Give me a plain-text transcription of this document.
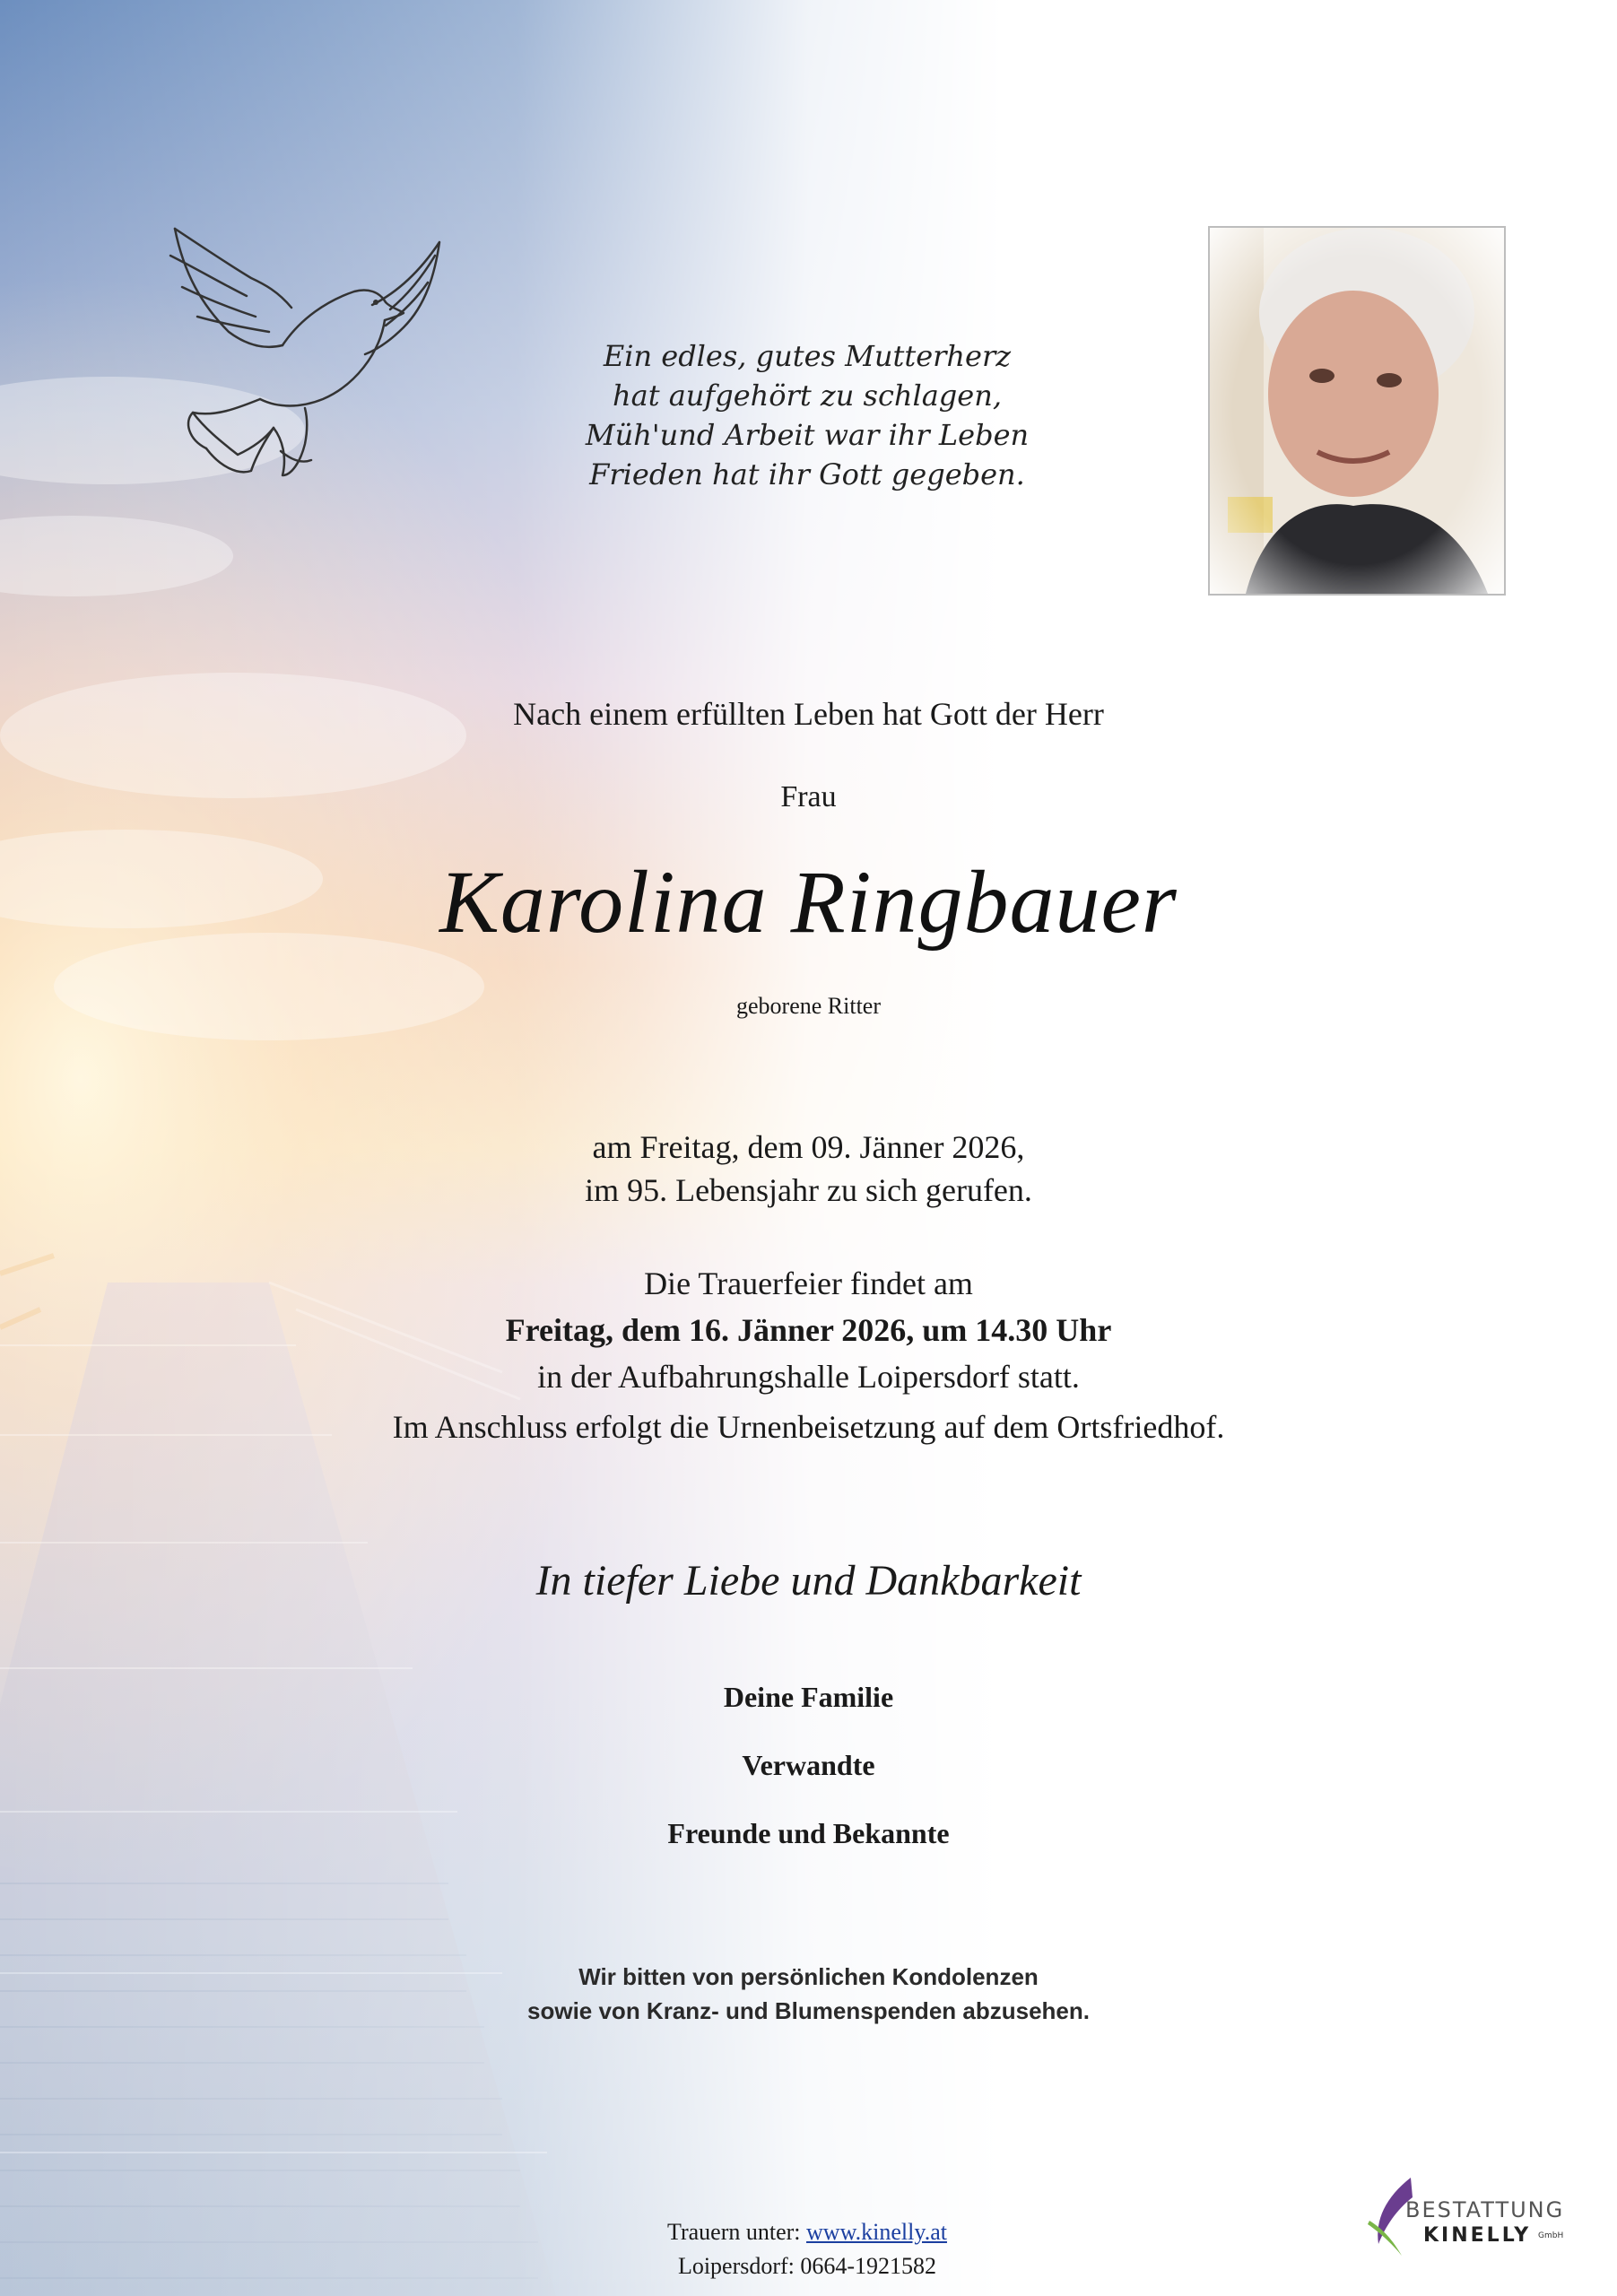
Ein edles, gutes Mutterherz
hat aufgehört zu schlagen,
Müh'und Arbeit war ihr Leben
Frieden hat ihr Gott gegeben.
Nach einem erfüllten Leben hat Gott der Herr
Frau
Karolina Ringbauer
geborene Ritter
am Freitag, dem 09. Jänner 2026,
im 95. Lebensjahr zu sich gerufen.
Die Trauerfeier findet am
Freitag, dem 16. Jänner 2026, um 14.30 Uhr
in der Aufbahrungshalle Loipersdorf statt.
Im Anschluss erfolgt die Urnenbeisetzung auf dem Ortsfriedhof.
In tiefer Liebe und Dankbarkeit
Deine Familie
Verwandte
Freunde und Bekannte
Wir bitten von persönlichen Kondolenzen
sowie von Kranz- und Blumenspenden abzusehen.
Trauern unter: www.kinelly.at
Loipersdorf: 0664-1921582
BESTATTUNG
KINELLY GmbH
